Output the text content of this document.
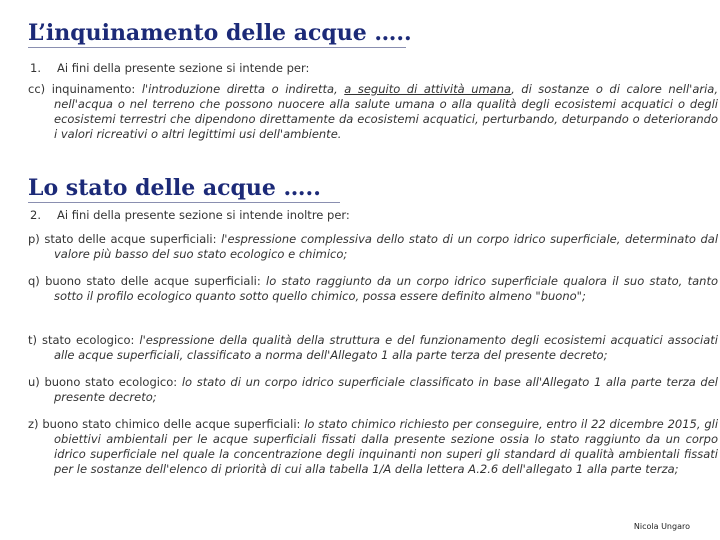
L’inquinamento delle acque …..
1. Ai fini della presente sezione si intende per:
cc) inquinamento: l'introduzione diretta o indiretta, a seguito di attività umana, di sostanze o di calore nell'aria, nell'acqua o nel terreno che possono nuocere alla salute umana o alla qualità degli ecosistemi acquatici o degli ecosistemi terrestri che dipendono direttamente da ecosistemi acquatici, perturbando, deturpando o deteriorando i valori ricreativi o altri legittimi usi dell'ambiente.
Lo stato delle acque …..
2. Ai fini della presente sezione si intende inoltre per:
p) stato delle acque superficiali: l'espressione complessiva dello stato di un corpo idrico superficiale, determinato dal valore più basso del suo stato ecologico e chimico;
q) buono stato delle acque superficiali: lo stato raggiunto da un corpo idrico superficiale qualora il suo stato, tanto sotto il profilo ecologico quanto sotto quello chimico, possa essere definito almeno "buono";
t) stato ecologico: l'espressione della qualità della struttura e del funzionamento degli ecosistemi acquatici associati alle acque superficiali, classificato a norma dell'Allegato 1 alla parte terza del presente decreto;
u) buono stato ecologico: lo stato di un corpo idrico superficiale classificato in base all'Allegato 1 alla parte terza del presente decreto;
z) buono stato chimico delle acque superficiali: lo stato chimico richiesto per conseguire, entro il 22 dicembre 2015, gli obiettivi ambientali per le acque superficiali fissati dalla presente sezione ossia lo stato raggiunto da un corpo idrico superficiale nel quale la concentrazione degli inquinanti non superi gli standard di qualità ambientali fissati per le sostanze dell'elenco di priorità di cui alla tabella 1/A della lettera A.2.6 dell'allegato 1 alla parte terza;
Nicola Ungaro
